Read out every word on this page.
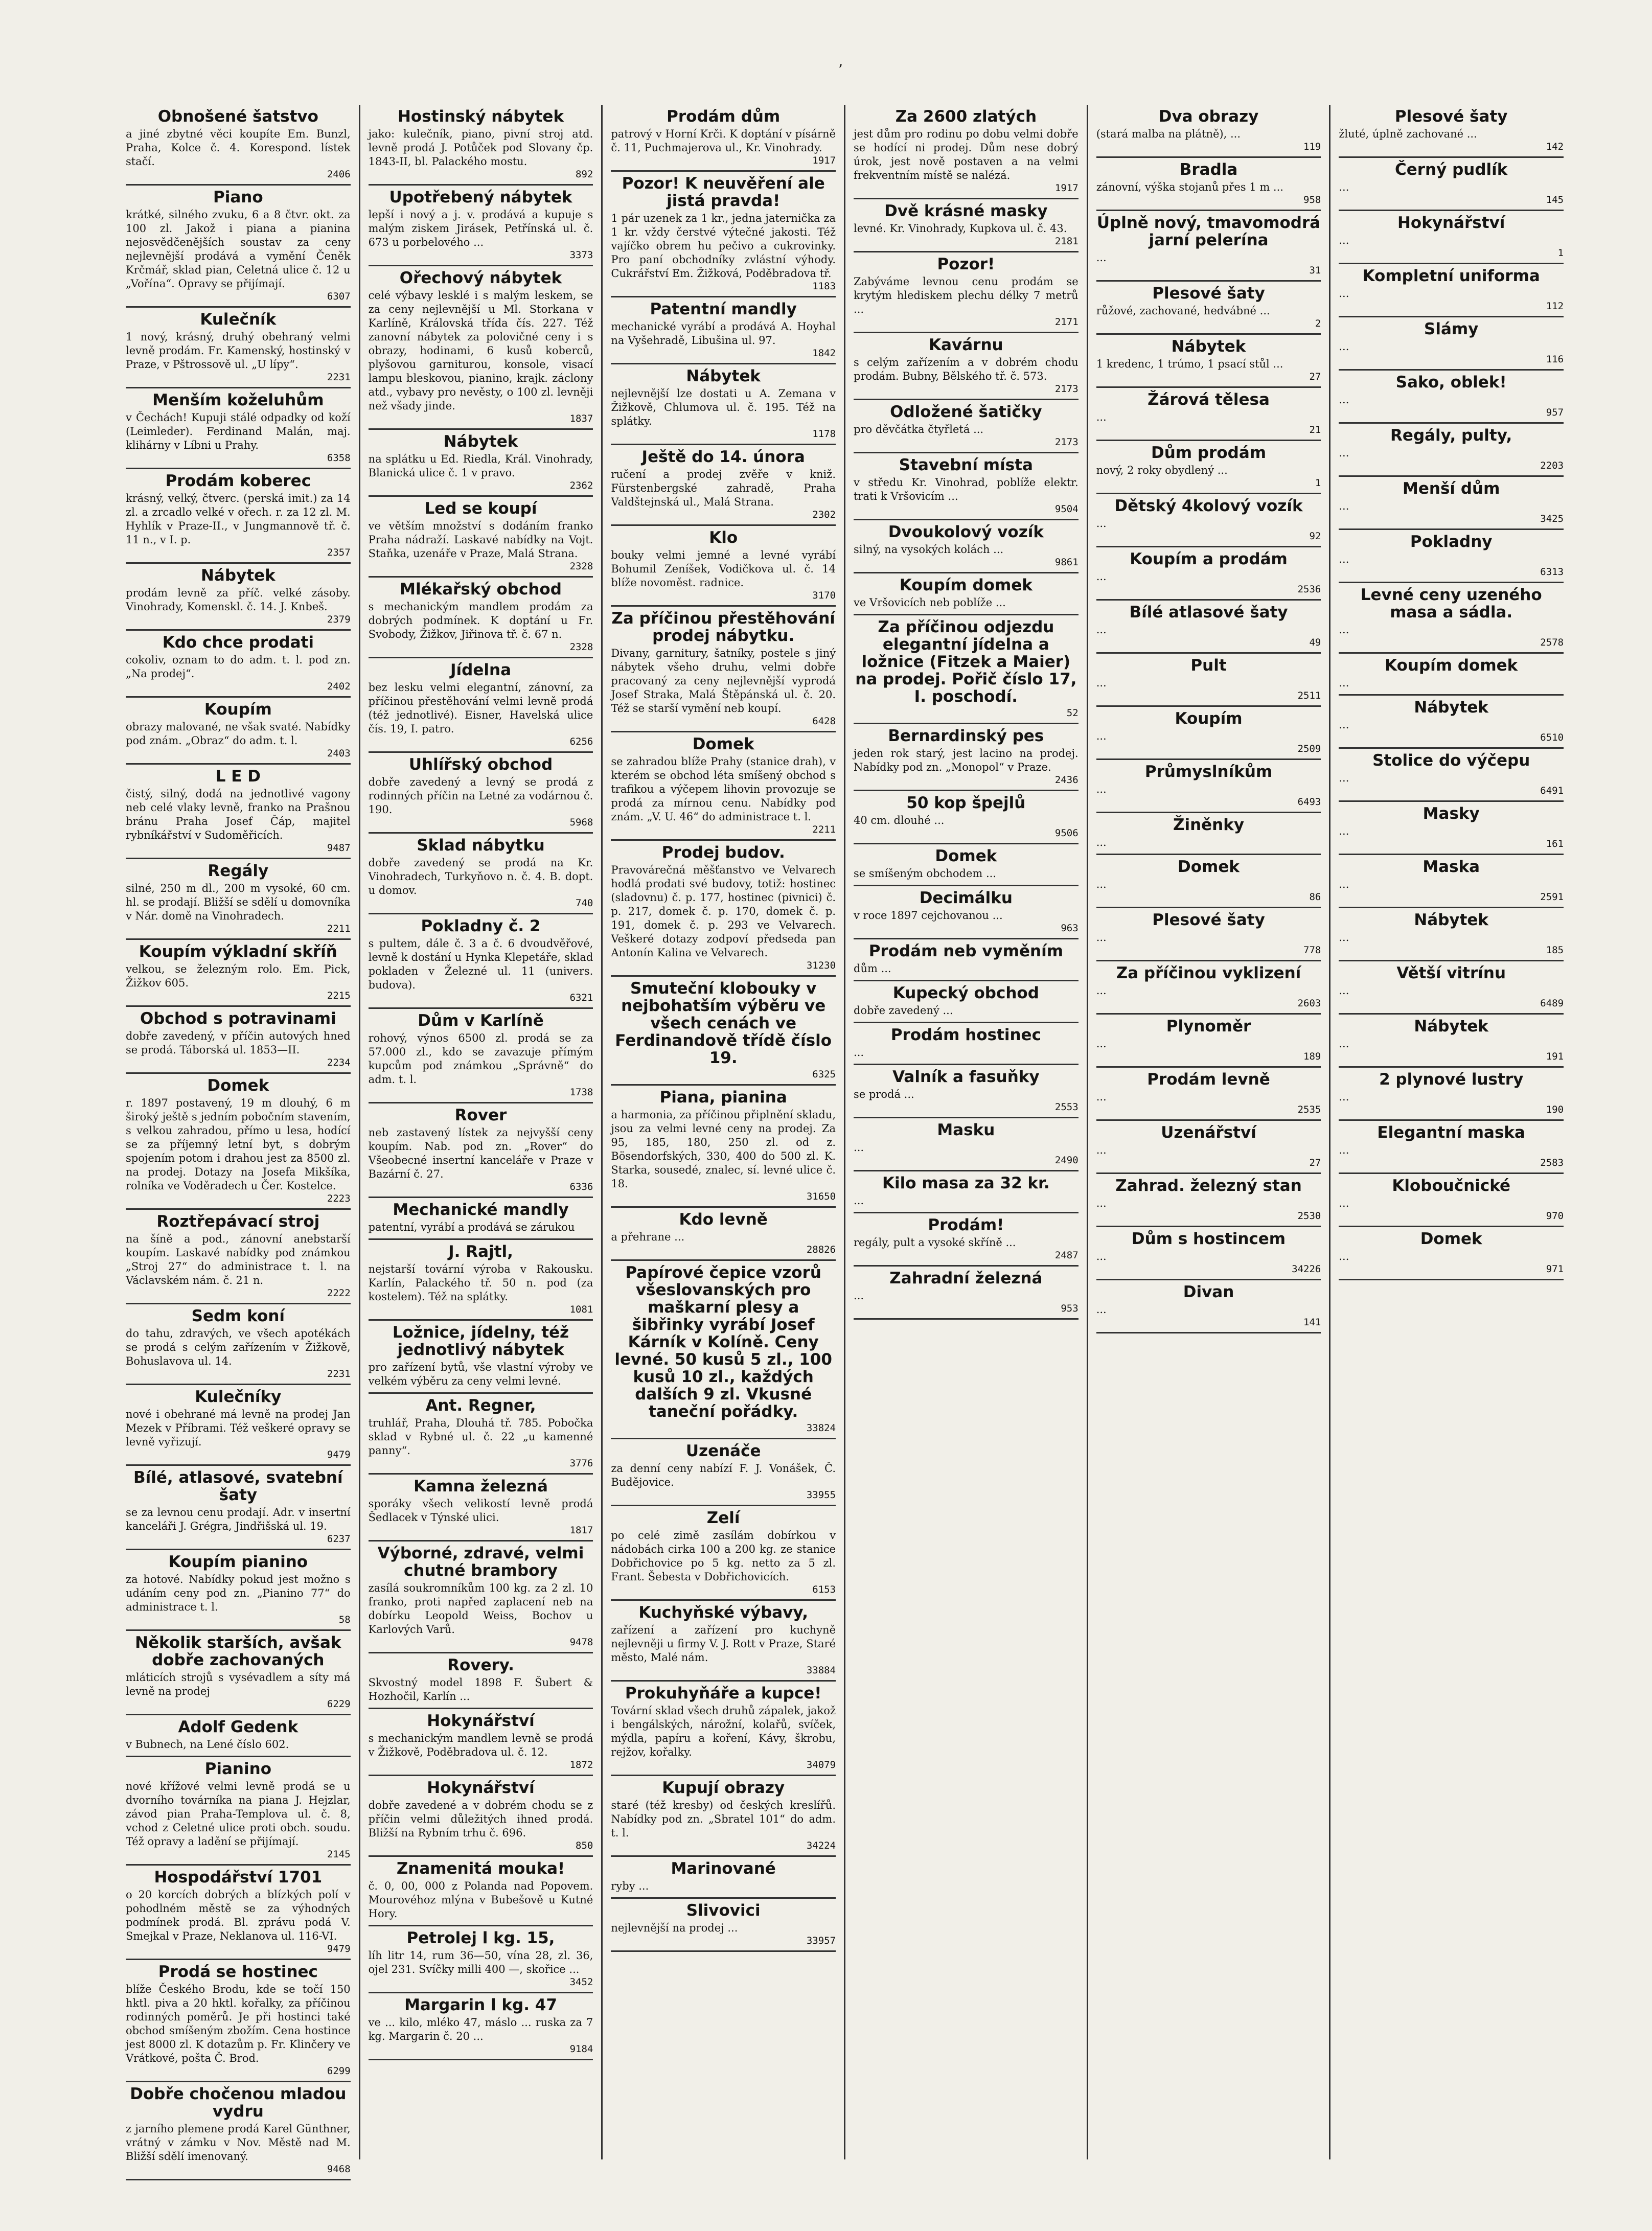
’
Obnošené šatstvo

a jiné zbytné věci koupíte Em. Bunzl, Praha, Kolce č. 4. Korespond. lístek stačí.

2406
Piano

krátké, silného zvuku, 6 a 8 čtvr. okt. za 100 zl. Jakož i piana a pianina nejosvědčenějších soustav za ceny nejlevnější prodává a vymění Čeněk Krčmář, sklad pian, Celetná ulice č. 12 u „Vořína“. Opravy se přijímají.

6307
Kulečník

1 nový, krásný, druhý obehraný velmi levně prodám. Fr. Kamenský, hostinský v Praze, v Pštrossově ul. „U lípy“.

2231
Menším koželuhům

v Čechách! Kupuji stálé odpadky od koží (Leimleder). Ferdinand Malán, maj. klihárny v Líbni u Prahy.

6358
Prodám koberec

krásný, velký, čtverc. (perská imit.) za 14 zl. a zrcadlo velké v ořech. r. za 12 zl. M. Hyhlík v Praze-II., v Jungmannově tř. č. 11 n., v I. p.

2357
Nábytek

prodám levně za příč. velké zásoby. Vinohrady, Komenskl. č. 14. J. Knbeš.

2379
Kdo chce prodati

cokoliv, oznam to do adm. t. l. pod zn. „Na prodej“.

2402
Koupím

obrazy malované, ne však svaté. Nabídky pod znám. „Obraz“ do adm. t. l.

2403
L E D

čistý, silný, dodá na jednotlivé vagony neb celé vlaky levně, franko na Prašnou bránu Praha Josef Čáp, majitel rybníkářství v Sudoměřicích.

9487
Regály

silné, 250 m dl., 200 m vysoké, 60 cm. hl. se prodají. Bližší se sdělí u domovníka v Nár. domě na Vinohradech.

2211
Koupím výkladní skříň

velkou, se železným rolo. Em. Pick, Žižkov 605.

2215
Obchod s potravinami

dobře zavedený, v příčin autových hned se prodá. Táborská ul. 1853—II.

2234
Domek

r. 1897 postavený, 19 m dlouhý, 6 m široký ještě s jedním pobočním stavením, s velkou zahradou, přímo u lesa, hodící se za příjemný letní byt, s dobrým spojením potom i drahou jest za 8500 zl. na prodej. Dotazy na Josefa Mikšíka, rolníka ve Voděradech u Čer. Kostelce.

2223
Roztřepávací stroj

na šíně a pod., zánovní anebstarší koupím. Laskavé nabídky pod známkou „Stroj 27“ do administrace t. l. na Václavském nám. č. 21 n.

2222
Sedm koní

do tahu, zdravých, ve všech apotékách se prodá s celým zařízením v Žižkově, Bohuslavova ul. 14.

2231
Kulečníky

nové i obehrané má levně na prodej Jan Mezek v Příbrami. Též veškeré opravy se levně vyřizují.

9479
Bílé, atlasové, svatební šaty

se za levnou cenu prodají. Adr. v insertní kanceláři J. Grégra, Jindřišská ul. 19.

6237
Koupím pianino

za hotové. Nabídky pokud jest možno s udáním ceny pod zn. „Pianino 77“ do administrace t. l.

58
Několik starších, avšak dobře zachovaných

mláticích strojů s vysévadlem a síty má levně na prodej

6229
Adolf Gedenk

v Bubnech, na Lené číslo 602.

Pianino

nové křížové velmi levně prodá se u dvorního továrníka na piana J. Hejzlar, závod pian Praha-Templova ul. č. 8, vchod z Celetné ulice proti obch. soudu. Též opravy a ladění se přijímají.

2145
Hospodářství 1701

o 20 korcích dobrých a blízkých polí v pohodlném městě se za výhodných podmínek prodá. Bl. zprávu podá V. Smejkal v Praze, Neklanova ul. 116-VI.

9479
Prodá se hostinec

blíže Českého Brodu, kde se točí 150 hktl. piva a 20 hktl. kořalky, za příčinou rodinných poměrů. Je při hostinci také obchod smíšeným zbožím. Cena hostince jest 8000 zl. K dotazům p. Fr. Klinčery ve Vrátkové, pošta Č. Brod.

6299
Dobře chočenou mladou vydru

z jarního plemene prodá Karel Günthner, vrátný v zámku v Nov. Městě nad M. Bližší sdělí imenovaný.

9468
Hostinský nábytek

jako: kulečník, piano, pivní stroj atd. levně prodá J. Potůček pod Slovany čp. 1843-II, bl. Palackého mostu.

892
Upotřebený nábytek

lepší i nový a j. v. prodává a kupuje s malým ziskem Jirásek, Petřínská ul. č. 673 u porbelového ...

3373
Ořechový nábytek

celé výbavy lesklé i s malým leskem, se za ceny nejlevnější u Ml. Storkana v Karlíně, Královská třída čís. 227. Též zanovní nábytek za polovičné ceny i s obrazy, hodinami, 6 kusů koberců, plyšovou garniturou, konsole, visací lampu bleskovou, pianino, krajk. záclony atd., vybavy pro nevěsty, o 100 zl. levněji než všady jinde.

1837
Nábytek

na splátku u Ed. Riedla, Král. Vinohrady, Blanická ulice č. 1 v pravo.

2362
Led se koupí

ve větším množství s dodáním franko Praha nádraží. Laskavé nabídky na Vojt. Staňka, uzenáře v Praze, Malá Strana.

2328
Mlékařský obchod

s mechanickým mandlem prodám za dobrých podmínek. K doptání u Fr. Svobody, Žižkov, Jiřinova tř. č. 67 n.

2328
Jídelna

bez lesku velmi elegantní, zánovní, za příčinou přestěhování velmi levně prodá (též jednotlivé). Eisner, Havelská ulice čís. 19, I. patro.

6256
Uhlířský obchod

dobře zavedený a levný se prodá z rodinných příčin na Letné za vodárnou č. 190.

5968
Sklad nábytku

dobře zavedený se prodá na Kr. Vinohradech, Turkyňovo n. č. 4. B. dopt. u domov.

740
Pokladny č. 2

s pultem, dále č. 3 a č. 6 dvoudvěřové, levně k dostání u Hynka Klepetáře, sklad pokladen v Železné ul. 11 (univers. budova).

6321
Dům v Karlíně

rohový, výnos 6500 zl. prodá se za 57.000 zl., kdo se zavazuje přímým kupcům pod známkou „Správně“ do adm. t. l.

1738
Rover

neb zastavený lístek za nejvyšší ceny koupím. Nab. pod zn. „Rover“ do Všeobecné insertní kanceláře v Praze v Bazární č. 27.

6336
Mechanické mandly

patentní, vyrábí a prodává se zárukou

J. Rajtl,

nejstarší tovární výroba v Rakousku. Karlín, Palackého tř. 50 n. pod (za kostelem). Též na splátky.

1081
Ložnice, jídelny, též jednotlivý nábytek

pro zařízení bytů, vše vlastní výroby ve velkém výběru za ceny velmi levné.

Ant. Regner,

truhlář, Praha, Dlouhá tř. 785. Pobočka sklad v Rybné ul. č. 22 „u kamenné panny“.

3776
Kamna železná

sporáky všech velikostí levně prodá Šedlacek v Týnské ulici.

1817
Výborné, zdravé, velmi chutné brambory

zasílá soukromníkům 100 kg. za 2 zl. 10 franko, proti napřed zaplacení neb na dobírku Leopold Weiss, Bochov u Karlových Varů.

9478
Rovery.

Skvostný model 1898 F. Šubert & Hozhočil, Karlín ...

Hokynářství

s mechanickým mandlem levně se prodá v Žižkově, Poděbradova ul. č. 12.

1872
Hokynářství

dobře zavedené a v dobrém chodu se z příčin velmi důležitých ihned prodá. Bližší na Rybním trhu č. 696.

850
Znamenitá mouka!

č. 0, 00, 000 z Polanda nad Popovem. Mourovéhoz mlýna v Bubešově u Kutné Hory.

Petrolej l kg. 15,

líh litr 14, rum 36—50, vína 28, zl. 36, ojel 231. Svíčky milli 400 —, skořice ...

3452
Margarin l kg. 47

ve ... kilo, mléko 47, máslo ... ruska za 7 kg. Margarin č. 20 ...

9184
Prodám dům

patrový v Horní Krči. K doptání v písárně č. 11, Puchmajerova ul., Kr. Vinohrady.

1917
Pozor! K neuvěření ale jistá pravda!

1 pár uzenek za 1 kr., jedna jaternička za 1 kr. vždy čerstvé výtečné jakosti. Též vajíčko obrem hu pečivo a cukrovinky. Pro paní obchodníky zvlástní výhody. Cukrářství Em. Žižková, Poděbradova tř.

1183
Patentní mandly

mechanické vyrábí a prodává A. Hoyhal na Vyšehradě, Libušina ul. 97.

1842
Nábytek

nejlevnější lze dostati u A. Zemana v Žižkově, Chlumova ul. č. 195. Též na splátky.

1178
Ještě do 14. února

ručení a prodej zvěře v kniž. Fürstenbergské zahradě, Praha Valdštejnská ul., Malá Strana.

2302
Klo

bouky velmi jemné a levné vyrábí Bohumil Zeníšek, Vodičkova ul. č. 14 blíže novoměst. radnice.

3170
Za příčinou přestěhování prodej nábytku.

Divany, garnitury, šatníky, postele s jiný nábytek všeho druhu, velmi dobře pracovaný za ceny nejlevnější vyprodá Josef Straka, Malá Štěpánská ul. č. 20. Též se starší vymění neb koupí.

6428
Domek

se zahradou blíže Prahy (stanice drah), v kterém se obchod léta smíšený obchod s trafikou a výčepem lihovin provozuje se prodá za mírnou cenu. Nabídky pod znám. „V. U. 46“ do administrace t. l.

2211
Prodej budov.

Pravovárečná měšťanstvo ve Velvarech hodlá prodati své budovy, totiž: hostinec (sladovnu) č. p. 177, hostinec (pivnici) č. p. 217, domek č. p. 170, domek č. p. 191, domek č. p. 293 ve Velvarech. Veškeré dotazy zodpoví předseda pan Antonín Kalina ve Velvarech.

31230
Smuteční klobouky v nejbohatším výběru ve všech cenách ve Ferdinandově třídě číslo 19.

6325
Piana, pianina

a harmonia, za příčinou připlnění skladu, jsou za velmi levné ceny na prodej. Za 95, 185, 180, 250 zl. od z. Bösendorfských, 330, 400 do 500 zl. K. Starka, sousedé, znalec, sí. levné ulice č. 18.

31650
Kdo levně

a přehrane ...

28826
Papírové čepice vzorů všeslovanských pro maškarní plesy a šibřinky vyrábí Josef Kárník v Kolíně. Ceny levné. 50 kusů 5 zl., 100 kusů 10 zl., každých dalších 9 zl. Vkusné taneční pořádky.

33824
Uzenáče

za denní ceny nabízí F. J. Vonášek, Č. Budějovice.

33955
Zelí

po celé zimě zasílám dobírkou v nádobách cirka 100 a 200 kg. ze stanice Dobřichovice po 5 kg. netto za 5 zl. Frant. Šebesta v Dobřichovicích.

6153
Kuchyňské výbavy,

zařízení a zařízení pro kuchyně nejlevněji u firmy V. J. Rott v Praze, Staré město, Malé nám.

33884
Prokuhyňáře a kupce!

Tovární sklad všech druhů zápalek, jakož i bengálských, nárožní, kolařů, svíček, mýdla, papíru a koření, Kávy, škrobu, rejžov, kořalky.

34079
Kupují obrazy

staré (též kresby) od českých kreslířů. Nabídky pod zn. „Sbratel 101“ do adm. t. l.

34224
Marinované

ryby ...

Slivovici

nejlevnější na prodej ...

33957
Za 2600 zlatých

jest dům pro rodinu po dobu velmi dobře se hodící ni prodej. Dům nese dobrý úrok, jest nově postaven a na velmi frekventním místě se nalézá.

1917
Dvě krásné masky

levné. Kr. Vinohrady, Kupkova ul. č. 43.

2181
Pozor!

Zabýváme levnou cenu prodám se krytým hlediskem plechu délky 7 metrů ...

2171
Kavárnu

s celým zařízením a v dobrém chodu prodám. Bubny, Bělského tř. č. 573.

2173
Odložené šatičky

pro děvčátka čtyřletá ...

2173
Stavební místa

v středu Kr. Vinohrad, poblíže elektr. trati k Vršovicím ...

9504
Dvoukolový vozík

silný, na vysokých kolách ...

9861
Koupím domek

ve Vršovicích neb poblíže ...

Za příčinou odjezdu elegantní jídelna a ložnice (Fitzek a Maier) na prodej. Pořič číslo 17, I. poschodí.

52
Bernardinský pes

jeden rok starý, jest lacino na prodej. Nabídky pod zn. „Monopol“ v Praze.

2436
50 kop špejlů

40 cm. dlouhé ...

9506
Domek

se smíšeným obchodem ...

Decimálku

v roce 1897 cejchovanou ...

963
Prodám neb vyměním

dům ...

Kupecký obchod

dobře zavedený ...

Prodám hostinec

...

Valník a fasuňky

se prodá ...

2553
Masku

...

2490
Kilo masa za 32 kr.

...

Prodám!

regály, pult a vysoké skříně ...

2487
Zahradní železná

...

953
Dva obrazy

(stará malba na plátně), ...

119
Bradla

zánovní, výška stojanů přes 1 m ...

958
Úplně nový, tmavomodrá jarní pelerína

...

31
Plesové šaty

růžové, zachované, hedvábné ...

2
Nábytek

1 kredenc, 1 trúmo, 1 psací stůl ...

27
Žárová tělesa

...

21
Dům prodám

nový, 2 roky obydlený ...

1
Dětský 4kolový vozík

...

92
Koupím a prodám

...

2536
Bílé atlasové šaty

...

49
Pult

...

2511
Koupím

...

2509
Průmyslníkům

...

6493
Žiněnky

...

Domek

...

86
Plesové šaty

...

778
Za příčinou vyklizení

...

2603
Plynoměr

...

189
Prodám levně

...

2535
Uzenářství

...

27
Zahrad. železný stan

...

2530
Dům s hostincem

...

34226
Divan

...

141
Plesové šaty

žluté, úplně zachované ...

142
Černý pudlík

...

145
Hokynářství

...

1
Kompletní uniforma

...

112
Slámy

...

116
Sako, oblek!

...

957
Regály, pulty,

...

2203
Menší dům

...

3425
Pokladny

...

6313
Levné ceny uzeného masa a sádla.

...

2578
Koupím domek

...

Nábytek

...

6510
Stolice do výčepu

...

6491
Masky

...

161
Maska

...

2591
Nábytek

...

185
Větší vitrínu

...

6489
Nábytek

...

191
2 plynové lustry

...

190
Elegantní maska

...

2583
Kloboučnické

...

970
Domek

...

971
